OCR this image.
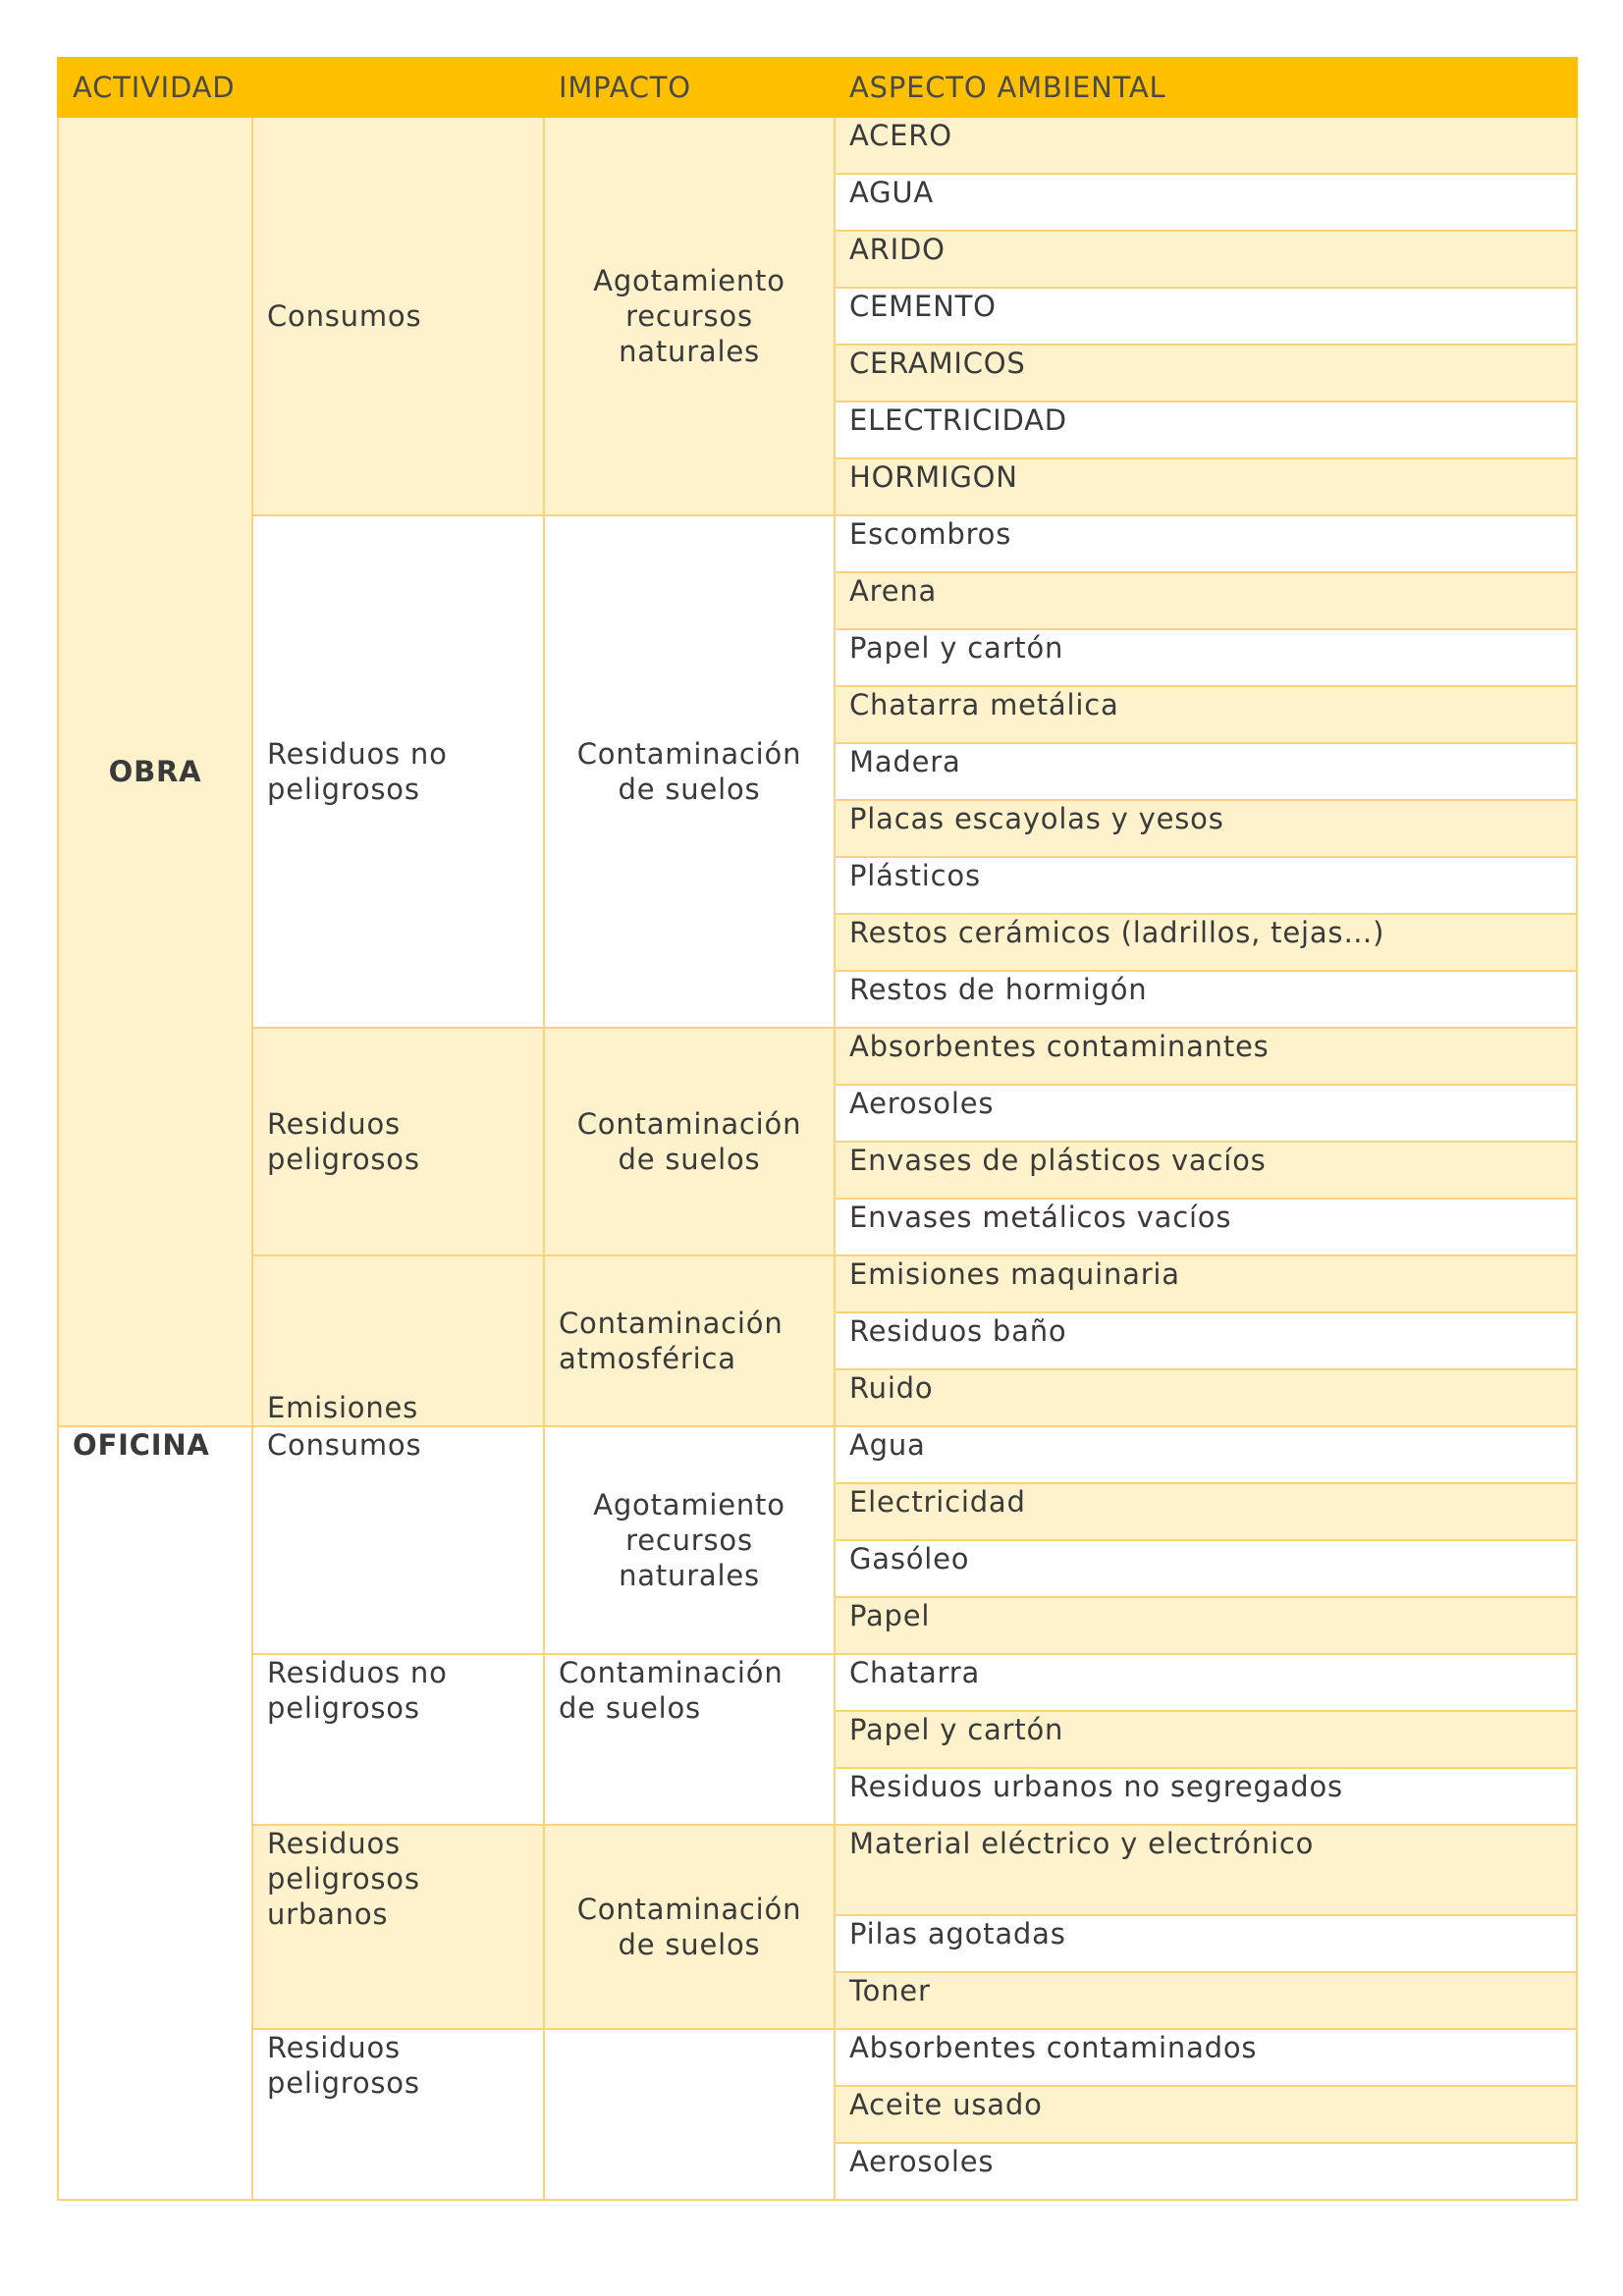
ACTIVIDAD		IMPACTO	ASPECTO AMBIENTAL
OBRA	Consumos	Agotamiento recursos naturales	ACERO
			AGUA
			ARIDO
			CEMENTO
			CERAMICOS
			ELECTRICIDAD
			HORMIGON
	Residuos no peligrosos	Contaminación de suelos	Escombros
			Arena
			Papel y cartón
			Chatarra metálica
			Madera
			Placas escayolas y yesos
			Plásticos
			Restos cerámicos (ladrillos, tejas…)
			Restos de hormigón
	Residuos peligrosos	Contaminación de suelos	Absorbentes contaminantes
			Aerosoles
			Envases de plásticos vacíos
			Envases metálicos vacíos
	Emisiones	Contaminación atmosférica	Emisiones maquinaria
			Residuos baño
			Ruido
OFICINA	Consumos	Agotamiento recursos naturales	Agua
			Electricidad
			Gasóleo
			Papel
	Residuos no peligrosos	Contaminación de suelos	Chatarra
			Papel y cartón
			Residuos urbanos no segregados
	Residuos peligrosos urbanos	Contaminación de suelos	Material eléctrico y electrónico
			Pilas agotadas
			Toner
	Residuos peligrosos		Absorbentes contaminados
			Aceite usado
			Aerosoles
